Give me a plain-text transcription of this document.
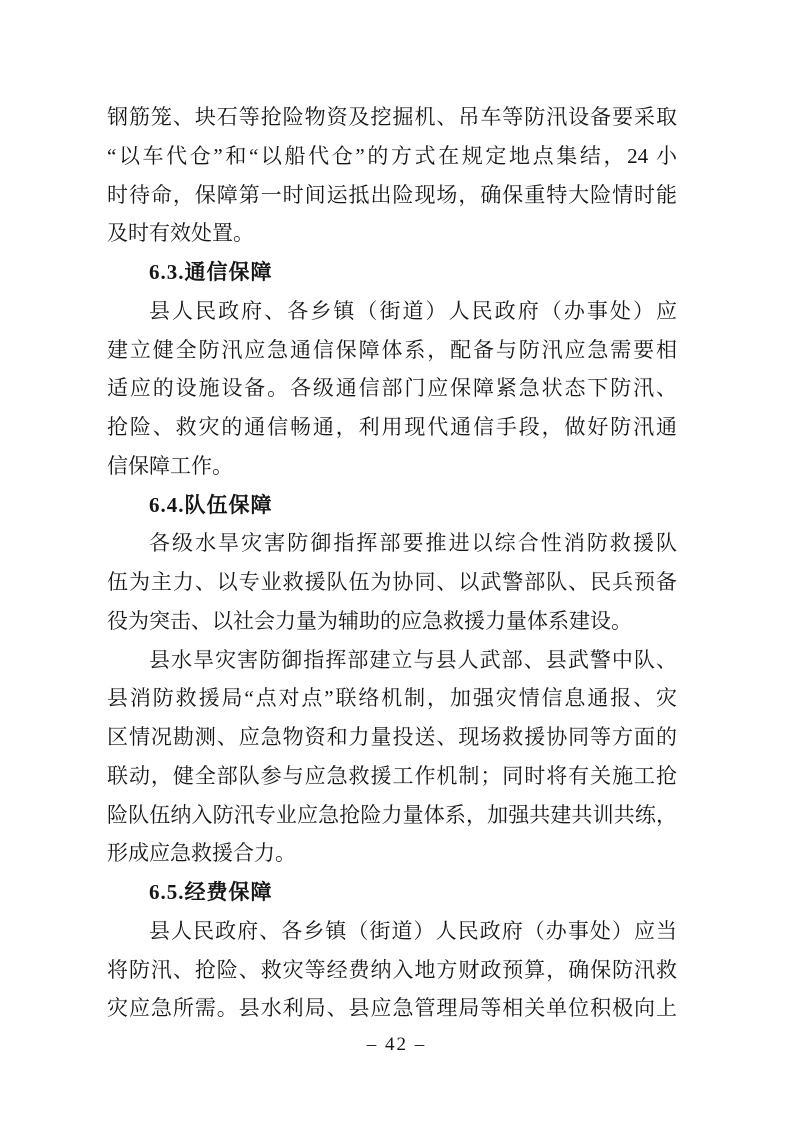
钢筋笼、块石等抢险物资及挖掘机、吊车等防汛设备要采取
“以车代仓”和“以船代仓”的方式在规定地点集结，24 小
时待命，保障第一时间运抵出险现场，确保重特大险情时能
及时有效处置。
6.3.通信保障
县人民政府、各乡镇（街道）人民政府（办事处）应
建立健全防汛应急通信保障体系，配备与防汛应急需要相
适应的设施设备。各级通信部门应保障紧急状态下防汛、
抢险、救灾的通信畅通，利用现代通信手段，做好防汛通
信保障工作。
6.4.队伍保障
各级水旱灾害防御指挥部要推进以综合性消防救援队
伍为主力、以专业救援队伍为协同、以武警部队、民兵预备
役为突击、以社会力量为辅助的应急救援力量体系建设。
县水旱灾害防御指挥部建立与县人武部、县武警中队、
县消防救援局“点对点”联络机制，加强灾情信息通报、灾
区情况勘测、应急物资和力量投送、现场救援协同等方面的
联动，健全部队参与应急救援工作机制；同时将有关施工抢
险队伍纳入防汛专业应急抢险力量体系，加强共建共训共练，
形成应急救援合力。
6.5.经费保障
县人民政府、各乡镇（街道）人民政府（办事处）应当
将防汛、抢险、救灾等经费纳入地方财政预算，确保防汛救
灾应急所需。县水利局、县应急管理局等相关单位积极向上
– 42 –
